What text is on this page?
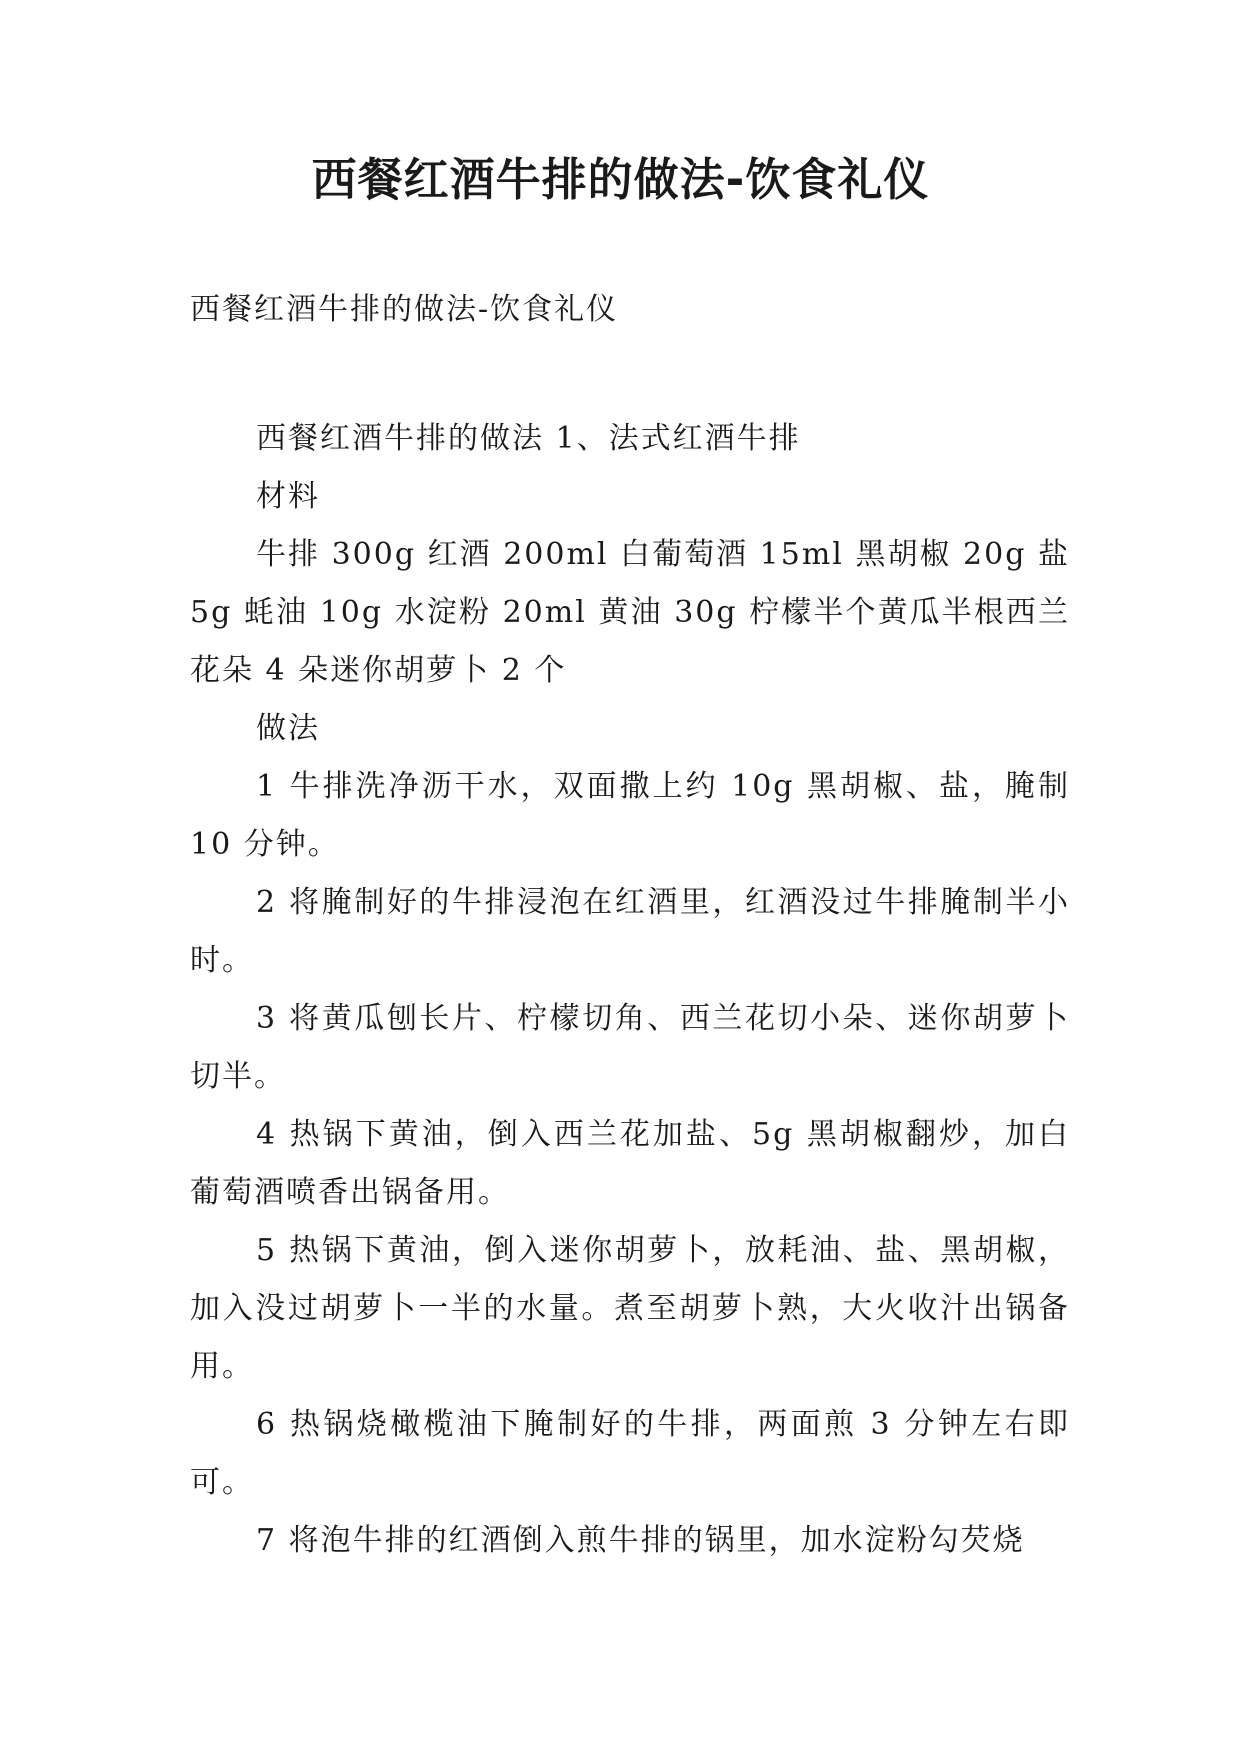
西餐红酒牛排的做法-饮食礼仪

西餐红酒牛排的做法-饮食礼仪

西餐红酒牛排的做法 1、法式红酒牛排

材料

牛排 300g 红酒 200ml 白葡萄酒 15ml 黑胡椒 20g 盐 5g 蚝油 10g 水淀粉 20ml 黄油 30g 柠檬半个黄瓜半根西兰花朵 4 朵迷你胡萝卜 2 个

做法

1 牛排洗净沥干水，双面撒上约 10g 黑胡椒、盐，腌制 10 分钟。

2 将腌制好的牛排浸泡在红酒里，红酒没过牛排腌制半小时。

3 将黄瓜刨长片、柠檬切角、西兰花切小朵、迷你胡萝卜切半。

4 热锅下黄油，倒入西兰花加盐、5g 黑胡椒翻炒，加白葡萄酒喷香出锅备用。

5 热锅下黄油，倒入迷你胡萝卜，放耗油、盐、黑胡椒，加入没过胡萝卜一半的水量。煮至胡萝卜熟，大火收汁出锅备用。

6 热锅烧橄榄油下腌制好的牛排，两面煎 3 分钟左右即可。

7 将泡牛排的红酒倒入煎牛排的锅里，加水淀粉勾芡烧
